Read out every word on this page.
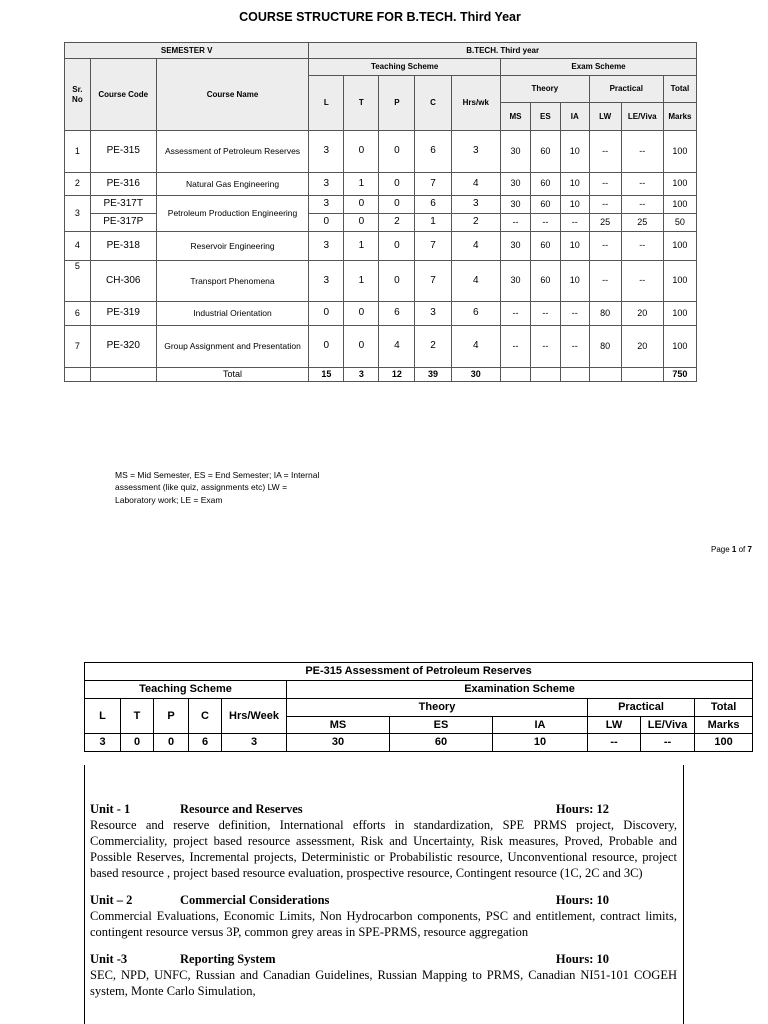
COURSE STRUCTURE FOR B.TECH. Third Year
SEMESTER V			B.TECH. Third year										
Sr. No	Course Code	Course Name	Teaching Scheme					Exam Scheme					
			L	T	P	C	Hrs/wk	Theory			Practical		Total
								MS	ES	IA	LW	LE/Viva	Marks
1	PE-315	Assessment of Petroleum Reserves	3	0	0	6	3	30	60	10	--	--	100
2	PE-316	Natural Gas Engineering	3	1	0	7	4	30	60	10	--	--	100
3	PE-317T	Petroleum Production Engineering	3	0	0	6	3	30	60	10	--	--	100
	PE-317P		0	0	2	1	2	--	--	--	25	25	50
4	PE-318	Reservoir Engineering	3	1	0	7	4	30	60	10	--	--	100
5	CH-306	Transport Phenomena	3	1	0	7	4	30	60	10	--	--	100
6	PE-319	Industrial Orientation	0	0	6	3	6	--	--	--	80	20	100
7	PE-320	Group Assignment and Presentation	0	0	4	2	4	--	--	--	80	20	100
		Total	15	3	12	39	30						750
MS = Mid Semester, ES = End Semester; IA = Internal
assessment (like quiz, assignments etc) LW =
Laboratory work; LE = Exam
Page 1 of 7
PE-315 Assessment of Petroleum Reserves										
Teaching Scheme					Examination Scheme					
L	T	P	C	Hrs/Week	Theory			Practical		Total
					MS	ES	IA	LW	LE/Viva	Marks
3	0	0	6	3	30	60	10	--	--	100
Unit - 1	Resource and Reserves	Hours: 12
Resource and reserve definition, International efforts in standardization, SPE PRMS project, Discovery, Commerciality, project based resource assessment, Risk and Uncertainty, Risk measures, Proved, Probable and Possible Reserves, Incremental projects, Deterministic or Probabilistic resource, Unconventional resource, project based resource , project based resource evaluation, prospective resource, Contingent resource (1C, 2C and 3C)
Unit – 2	Commercial Considerations	Hours: 10
Commercial Evaluations, Economic Limits, Non Hydrocarbon components, PSC and entitlement, contract limits, contingent resource versus 3P, common grey areas in SPE-PRMS, resource aggregation
Unit -3	Reporting System	Hours: 10
SEC, NPD, UNFC, Russian and Canadian Guidelines, Russian Mapping to PRMS, Canadian NI51-101 COGEH system, Monte Carlo Simulation,
